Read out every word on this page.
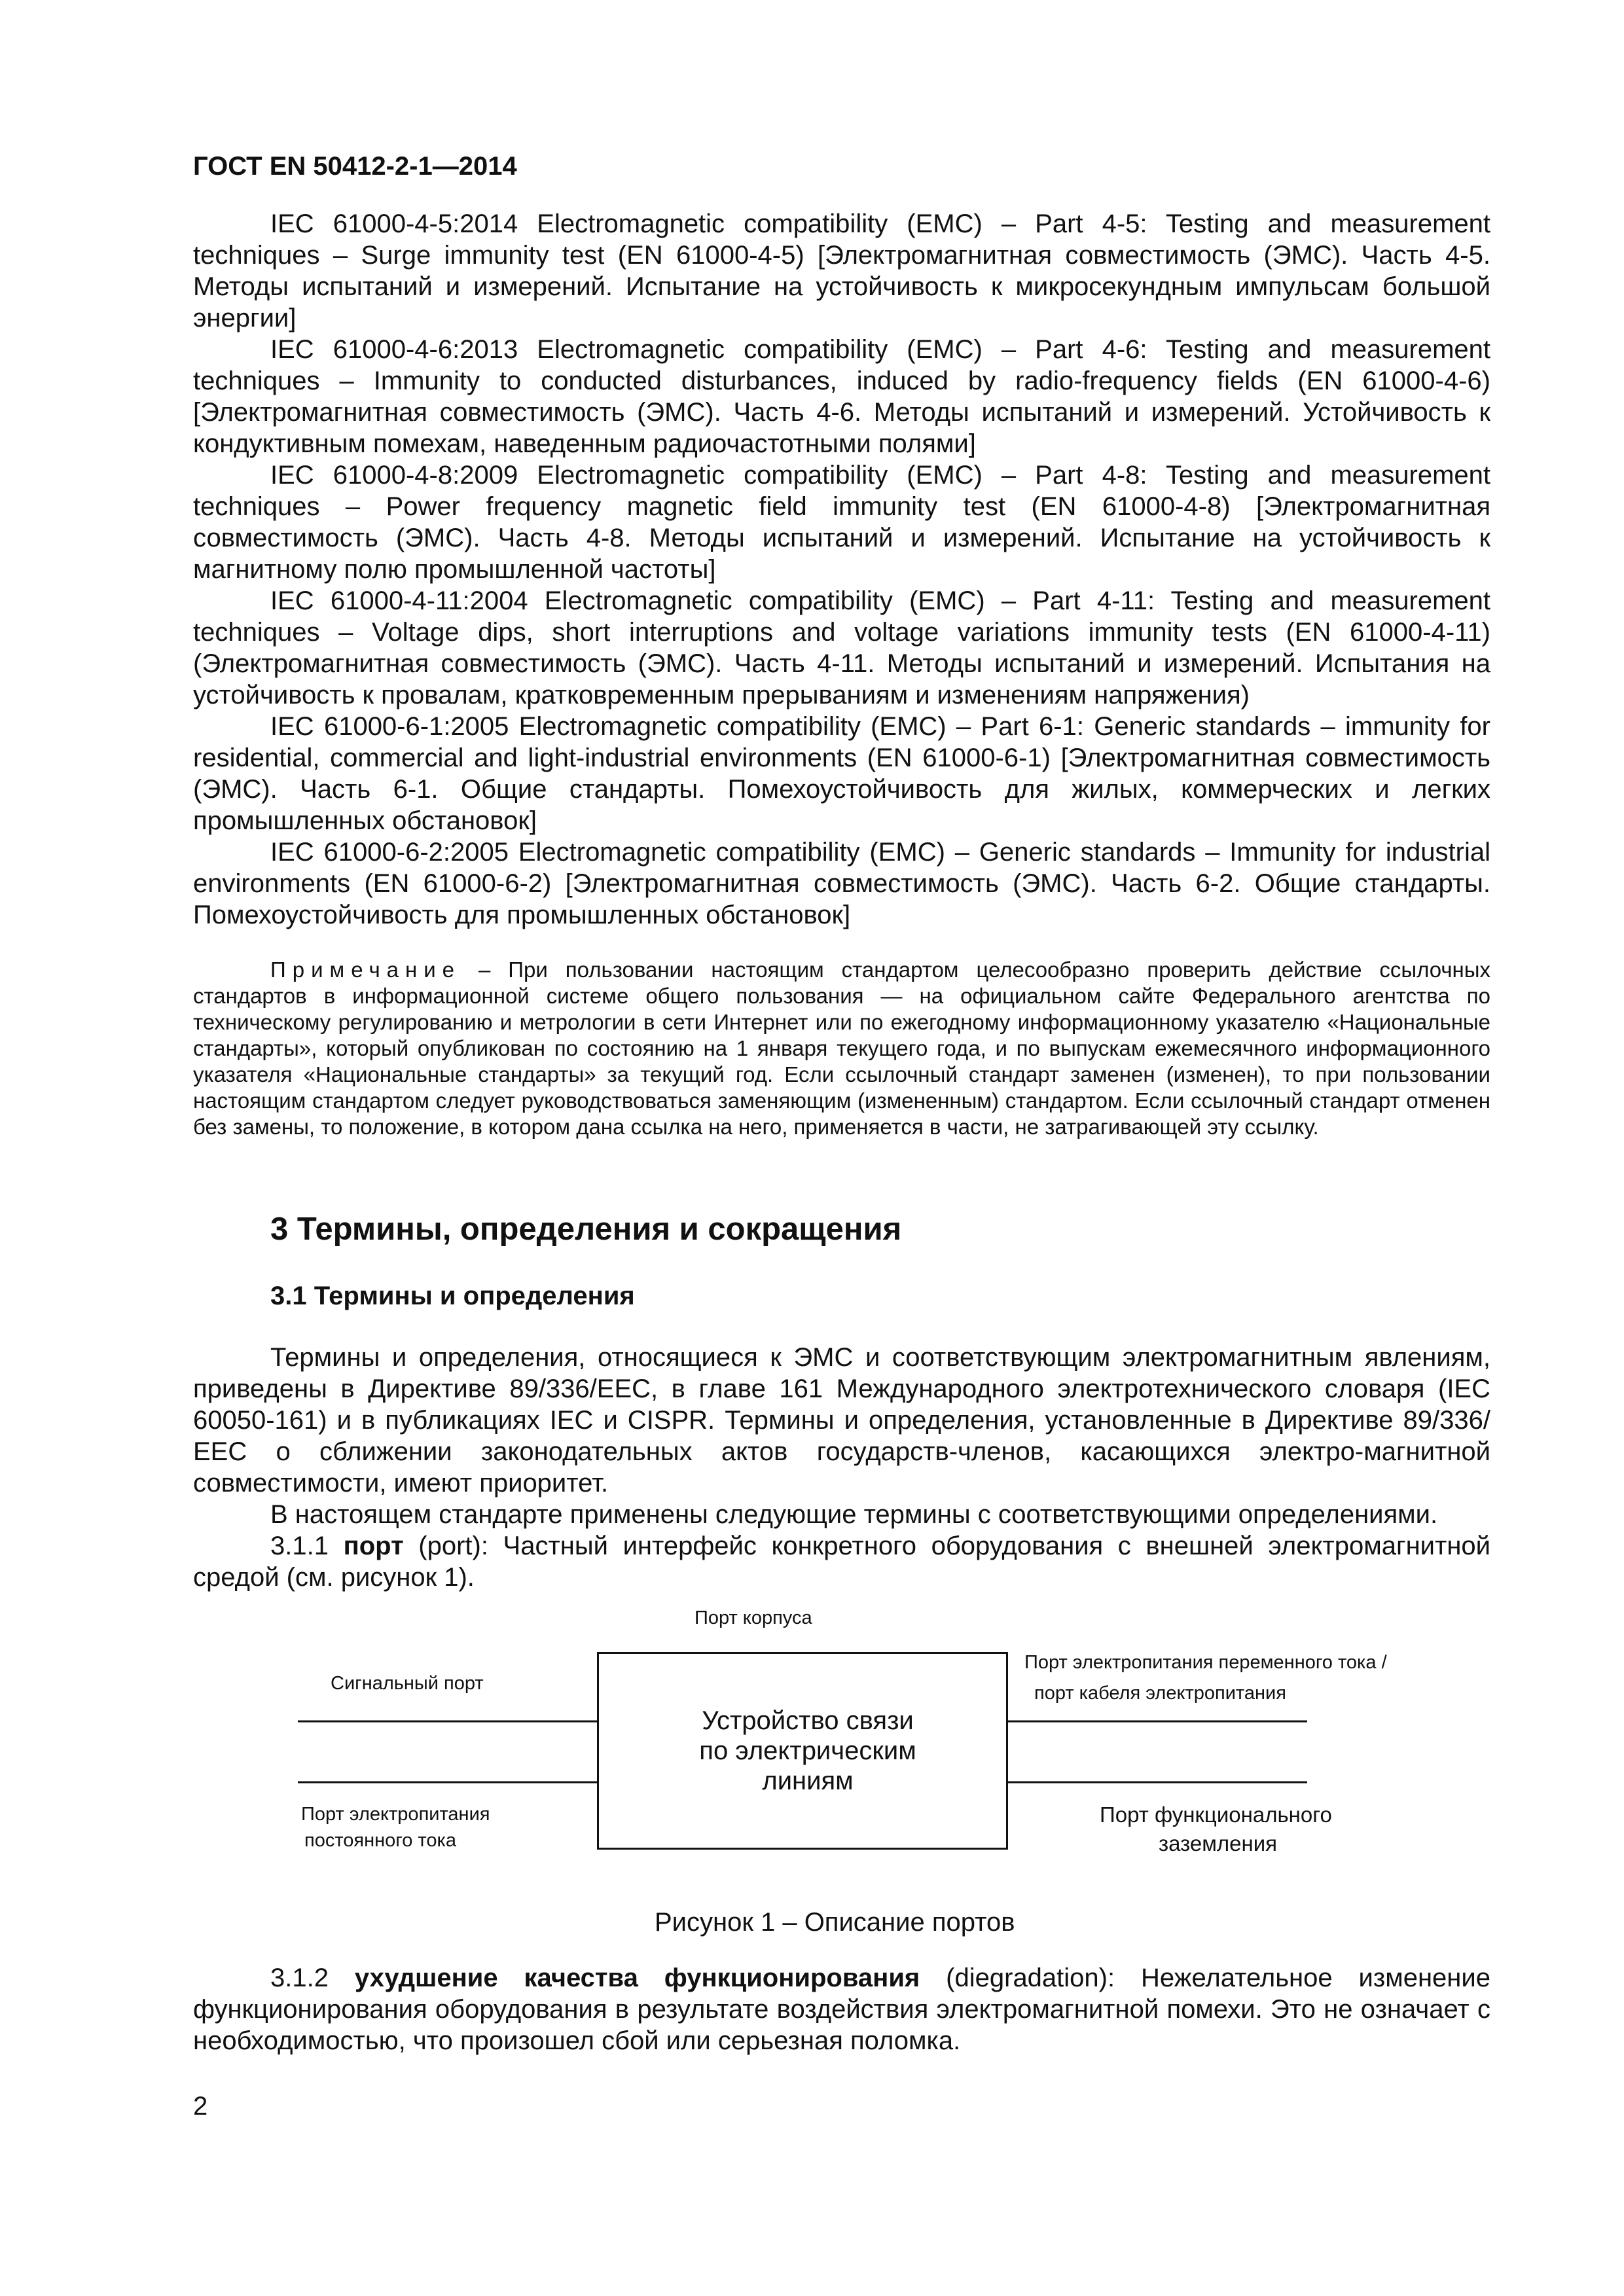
ГОСТ EN 50412-2-1—2014

IEC 61000-4-5:2014 Electromagnetic compatibility (EMC) – Part 4-5: Testing and measurement techniques – Surge immunity test (EN 61000-4-5) [Электромагнитная совместимость (ЭМС). Часть 4-5. Методы испытаний и измерений. Испытание на устойчивость к микросекундным импульсам большой энергии]

IEC 61000-4-6:2013 Electromagnetic compatibility (EMC) – Part 4-6: Testing and measurement techniques – Immunity to conducted disturbances, induced by radio-frequency fields (EN 61000-4-6) [Электромагнитная совместимость (ЭМС). Часть 4-6. Методы испытаний и измерений. Устойчивость к кондуктивным помехам, наведенным радиочастотными полями]

IEC 61000-4-8:2009 Electromagnetic compatibility (EMC) – Part 4-8: Testing and measurement techniques – Power frequency magnetic field immunity test (EN 61000-4-8) [Электромагнитная совместимость (ЭМС). Часть 4-8. Методы испытаний и измерений. Испытание на устойчивость к магнитному полю промышленной частоты]

IEC 61000-4-11:2004 Electromagnetic compatibility (EMC) – Part 4-11: Testing and measurement techniques – Voltage dips, short interruptions and voltage variations immunity tests (EN 61000-4-11) (Электромагнитная совместимость (ЭМС). Часть 4-11. Методы испытаний и измерений. Испытания на устойчивость к провалам, кратковременным прерываниям и изменениям напряжения)

IEC 61000-6-1:2005 Electromagnetic compatibility (EMC) – Part 6-1: Generic standards – immunity for residential, commercial and light-industrial environments (EN 61000-6-1) [Электромагнитная совместимость (ЭМС). Часть 6-1. Общие стандарты. Помехоустойчивость для жилых, коммерческих и легких промышленных обстановок]

IEC 61000-6-2:2005 Electromagnetic compatibility (EMC) – Generic standards – Immunity for industrial environments (EN 61000-6-2) [Электромагнитная совместимость (ЭМС). Часть 6-2. Общие стандарты. Помехоустойчивость для промышленных обстановок]

Примечание – При пользовании настоящим стандартом целесообразно проверить действие ссылочных стандартов в информационной системе общего пользования — на официальном сайте Федерального агентства по техническому регулированию и метрологии в сети Интернет или по ежегодному информационному указателю «Национальные стандарты», который опубликован по состоянию на 1 января текущего года, и по выпускам ежемесячного информационного указателя «Национальные стандарты» за текущий год. Если ссылочный стандарт заменен (изменен), то при пользовании настоящим стандартом следует руководствоваться заменяющим (измененным) стандартом. Если ссылочный стандарт отменен без замены, то положение, в котором дана ссылка на него, применяется в части, не затрагивающей эту ссылку.

3 Термины, определения и сокращения
3.1 Термины и определения

Термины и определения, относящиеся к ЭМС и соответствующим электромагнитным явлениям, приведены в Директиве 89/336/ЕЕС, в главе 161 Международного электротехнического словаря (IEC 60050-161) и в публикациях IEC и CISPR. Термины и определения, установленные в Директиве 89/336/ЕЕС о сближении законодательных актов государств-членов, касающихся электро-магнитной совместимости, имеют приоритет.

В настоящем стандарте применены следующие термины с соответствующими определениями.

3.1.1 порт (port): Частный интерфейс конкретного оборудования с внешней электромагнитной средой (см. рисунок 1).

Устройство связи
по электрическим
линиям
Порт корпуса
Сигнальный порт
Порт электропитания переменного тока /
порт кабеля электропитания
Порт электропитания
постоянного тока
Порт функционального
заземления
Рисунок 1 – Описание портов

3.1.2 ухудшение качества функционирования (diegradation): Нежелательное изменение функционирования оборудования в результате воздействия электромагнитной помехи. Это не означает с необходимостью, что произошел сбой или серьезная поломка.

2
